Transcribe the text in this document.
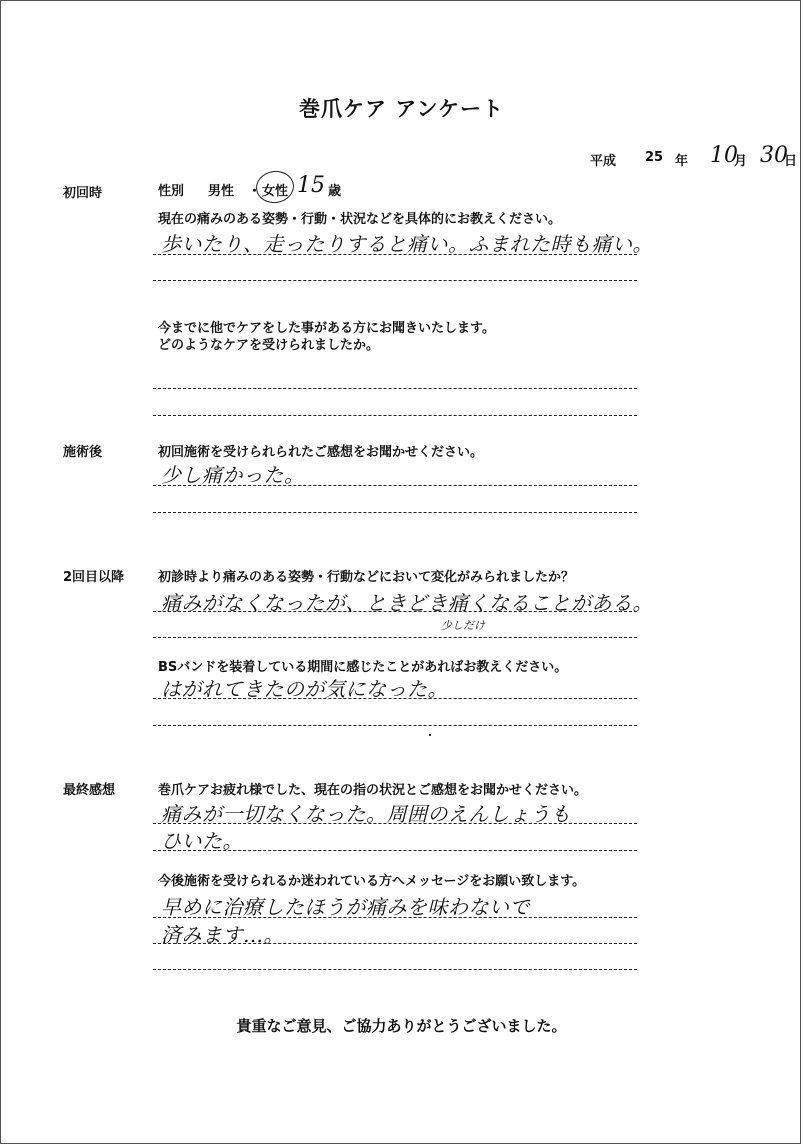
巻爪ケア アンケート
平成 25 年 10
月 30
日
初回時	性別 男性 ・ 女性	歳
15
現在の痛みのある姿勢・行動・状況などを具体的にお教えください。
歩いたり、走ったりすると痛い。ふまれた時も痛い。
今までに他でケアをした事がある方にお聞きいたします。
どのようなケアを受けられましたか。
施術後	初回施術を受けられられたご感想をお聞かせください。
少し痛かった。
2回目以降	初診時より痛みのある姿勢・行動などにおいて変化がみられましたか？
痛みがなくなったが、ときどき痛くなることがある。
少しだけ
BSバンドを装着している期間に感じたことがあればお教えください。
はがれてきたのが気になった。
最終感想	巻爪ケアお疲れ様でした、現在の指の状況とご感想をお聞かせください。
痛みが一切なくなった。周囲のえんしょうも
ひいた。
今後施術を受けられるか迷われている方へメッセージをお願い致します。
早めに治療したほうが痛みを味わないで
済みます…。
貴重なご意見、ご協力ありがとうございました。
